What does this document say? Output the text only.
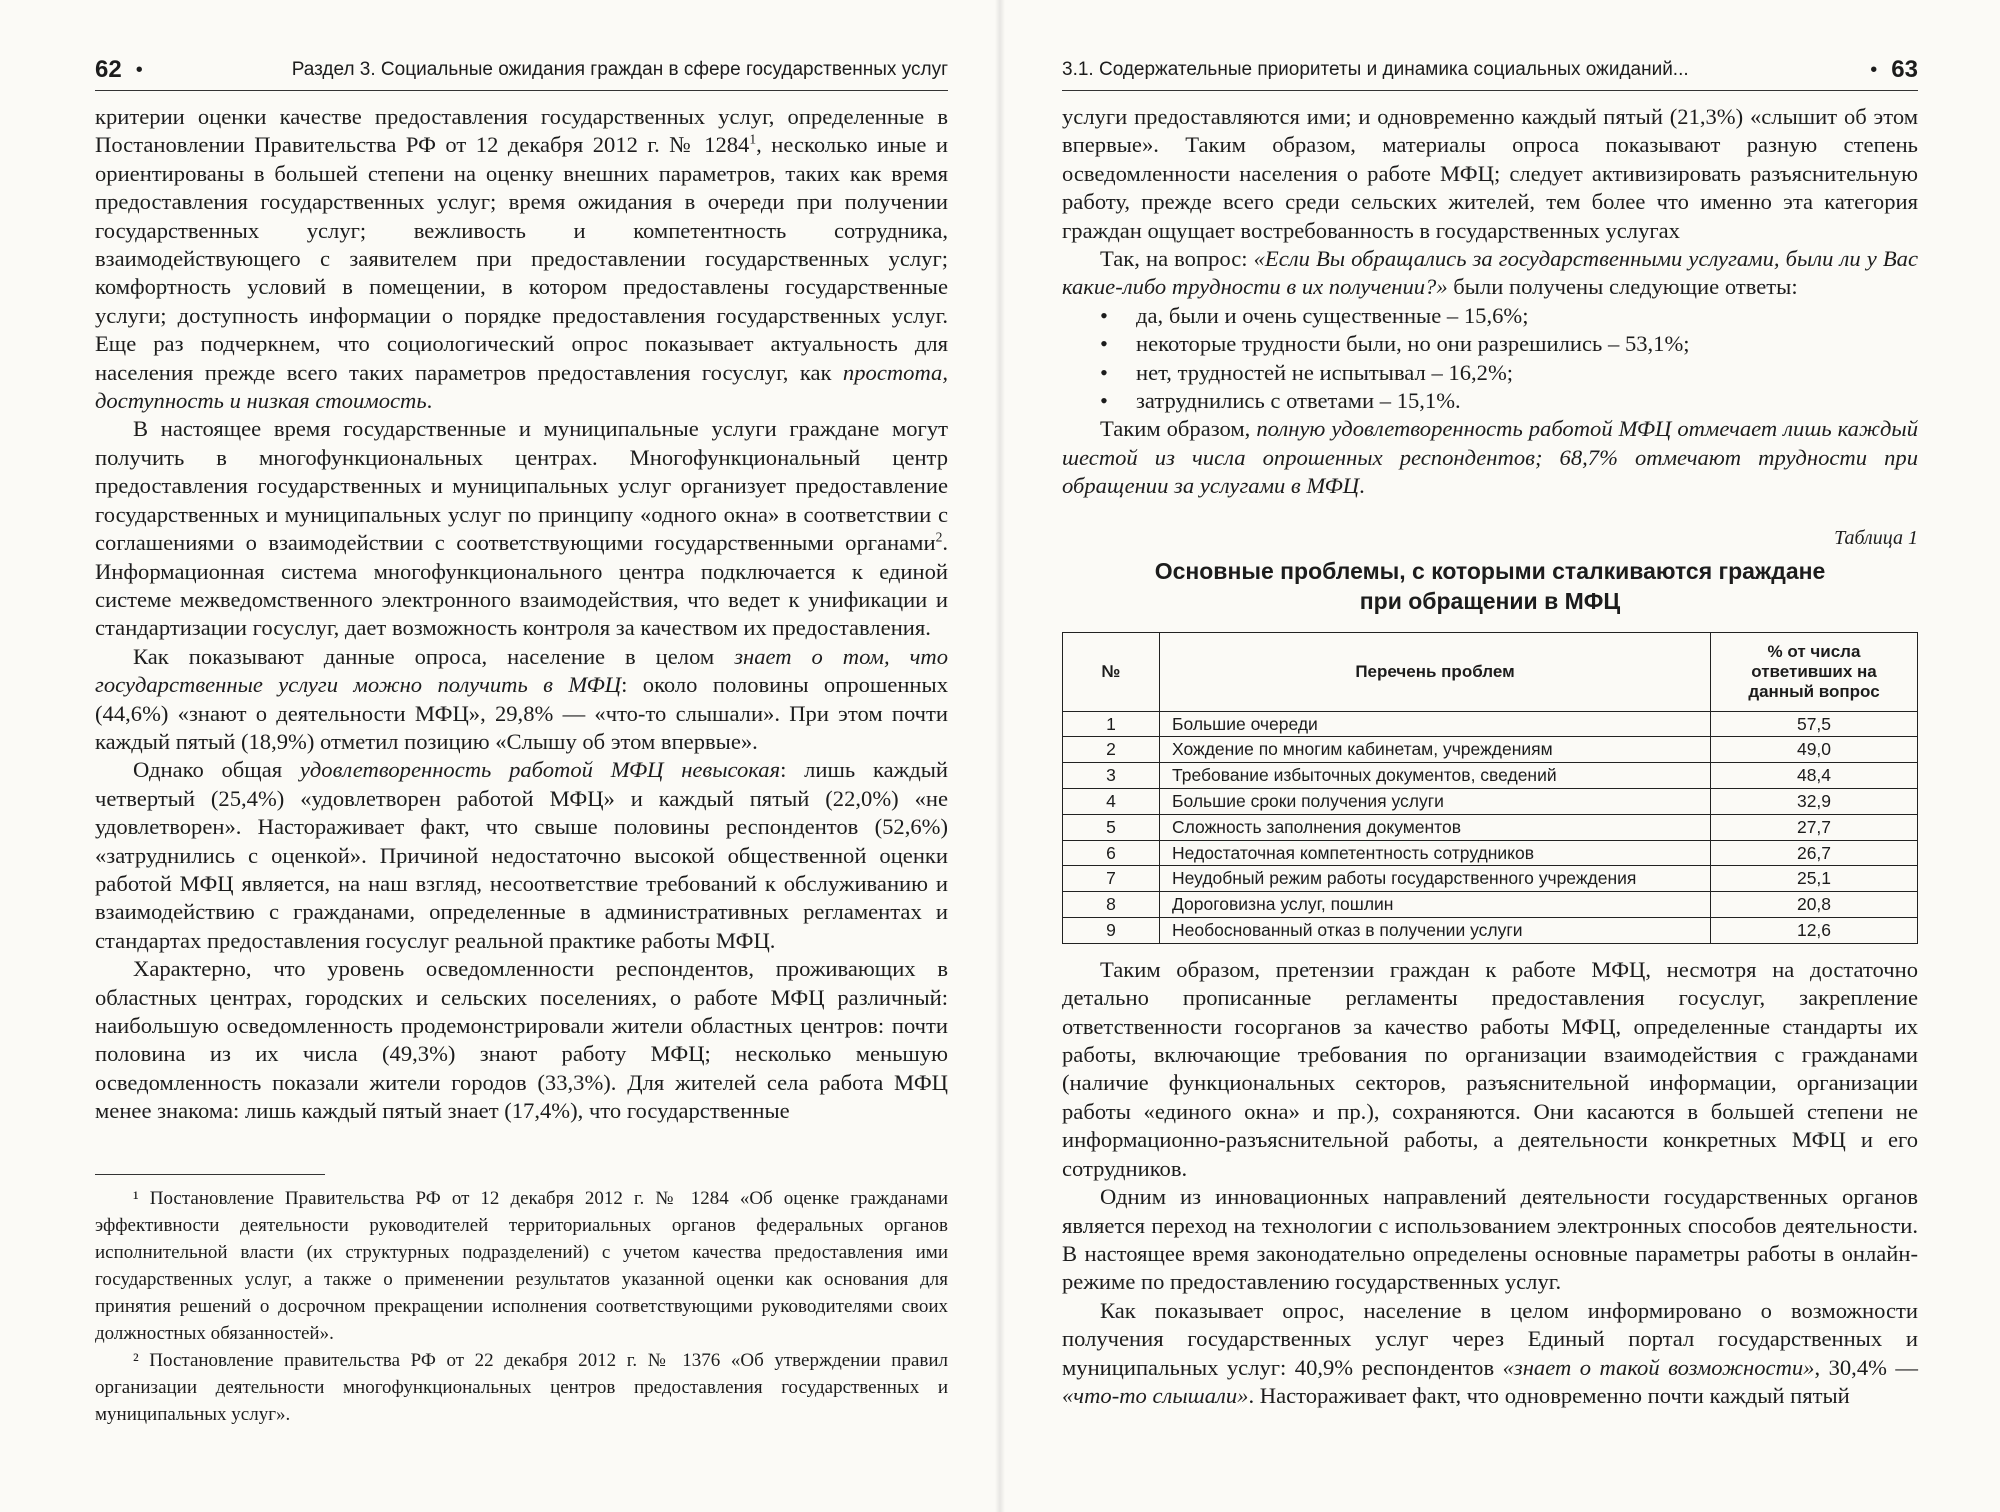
62 •	Раздел 3. Социальные ожидания граждан в сфере государственных услуг

критерии оценки качестве предоставления государственных услуг, определенные в Постановлении Правительства РФ от 12 декабря 2012 г. № 1284$^1$, несколько иные и ориентированы в большей степени на оценку внешних параметров, таких как время предоставления государственных услуг; время ожидания в очереди при получении государственных услуг; вежливость и компетентность сотрудника, взаимодействующего с заявителем при предоставлении государственных услуг; комфортность условий в помещении, в котором предоставлены государственные услуги; доступность информации о порядке предоставления государственных услуг. Еще раз подчеркнем, что социологический опрос показывает актуальность для населения прежде всего таких параметров предоставления госуслуг, как простота, доступность и низкая стоимость.

В настоящее время государственные и муниципальные услуги граждане могут получить в многофункциональных центрах. Многофункциональный центр предоставления государственных и муниципальных услуг организует предоставление государственных и муниципальных услуг по принципу «одного окна» в соответствии с соглашениями о взаимодействии с соответствующими государственными органами$^2$. Информационная система многофункционального центра подключается к единой системе межведомственного электронного взаимодействия, что ведет к унификации и стандартизации госуслуг, дает возможность контроля за качеством их предоставления.

Как показывают данные опроса, население в целом знает о том, что государственные услуги можно получить в МФЦ: около половины опрошенных (44,6%) «знают о деятельности МФЦ», 29,8% — «что-то слышали». При этом почти каждый пятый (18,9%) отметил позицию «Слышу об этом впервые».

Однако общая удовлетворенность работой МФЦ невысокая: лишь каждый четвертый (25,4%) «удовлетворен работой МФЦ» и каждый пятый (22,0%) «не удовлетворен». Настораживает факт, что свыше половины респондентов (52,6%) «затруднились с оценкой». Причиной недостаточно высокой общественной оценки работой МФЦ является, на наш взгляд, несоответствие требований к обслуживанию и взаимодействию с гражданами, определенные в административных регламентах и стандартах предоставления госуслуг реальной практике работы МФЦ.

Характерно, что уровень осведомленности респондентов, проживающих в областных центрах, городских и сельских поселениях, о работе МФЦ различный: наибольшую осведомленность продемонстрировали жители областных центров: почти половина из их числа (49,3%) знают работу МФЦ; несколько меньшую осведомленность показали жители городов (33,3%). Для жителей села работа МФЦ менее знакома: лишь каждый пятый знает (17,4%), что государственные

¹ Постановление Правительства РФ от 12 декабря 2012 г. № 1284 «Об оценке гражданами эффективности деятельности руководителей территориальных органов федеральных органов исполнительной власти (их структурных подразделений) с учетом качества предоставления ими государственных услуг, а также о применении результатов указанной оценки как основания для принятия решений о досрочном прекращении исполнения соответствующими руководителями своих должностных обязанностей».

² Постановление правительства РФ от 22 декабря 2012 г. № 1376 «Об утверждении правил организации деятельности многофункциональных центров предоставления государственных и муниципальных услуг».

3.1. Содержательные приоритеты и динамика социальных ожиданий...	• 63

услуги предоставляются ими; и одновременно каждый пятый (21,3%) «слышит об этом впервые». Таким образом, материалы опроса показывают разную степень осведомленности населения о работе МФЦ; следует активизировать разъяснительную работу, прежде всего среди сельских жителей, тем более что именно эта категория граждан ощущает востребованность в государственных услугах

Так, на вопрос: «Если Вы обращались за государственными услугами, были ли у Вас какие-либо трудности в их получении?» были получены следующие ответы:

• да, были и очень существенные – 15,6%;
• некоторые трудности были, но они разрешились – 53,1%;
• нет, трудностей не испытывал – 16,2%;
• затруднились с ответами – 15,1%.

Таким образом, полную удовлетворенность работой МФЦ отмечает лишь каждый шестой из числа опрошенных респондентов; 68,7% отмечают трудности при обращении за услугами в МФЦ.

Таблица 1
Основные проблемы, с которыми сталкиваются граждане
при обращении в МФЦ
№	Перечень проблем	% от числа ответивших на данный вопрос
1	Большие очереди	57,5
2	Хождение по многим кабинетам, учреждениям	49,0
3	Требование избыточных документов, сведений	48,4
4	Большие сроки получения услуги	32,9
5	Сложность заполнения документов	27,7
6	Недостаточная компетентность сотрудников	26,7
7	Неудобный режим работы государственного учреждения	25,1
8	Дороговизна услуг, пошлин	20,8
9	Необоснованный отказ в получении услуги	12,6

Таким образом, претензии граждан к работе МФЦ, несмотря на достаточно детально прописанные регламенты предоставления госуслуг, закрепление ответственности госорганов за качество работы МФЦ, определенные стандарты их работы, включающие требования по организации взаимодействия с гражданами (наличие функциональных секторов, разъяснительной информации, организации работы «единого окна» и пр.), сохраняются. Они касаются в большей степени не информационно-разъяснительной работы, а деятельности конкретных МФЦ и его сотрудников.

Одним из инновационных направлений деятельности государственных органов является переход на технологии с использованием электронных способов деятельности. В настоящее время законодательно определены основные параметры работы в онлайн-режиме по предоставлению государственных услуг.

Как показывает опрос, население в целом информировано о возможности получения государственных услуг через Единый портал государственных и муниципальных услуг: 40,9% респондентов «знает о такой возможности», 30,4% — «что-то слышали». Настораживает факт, что одновременно почти каждый пятый
